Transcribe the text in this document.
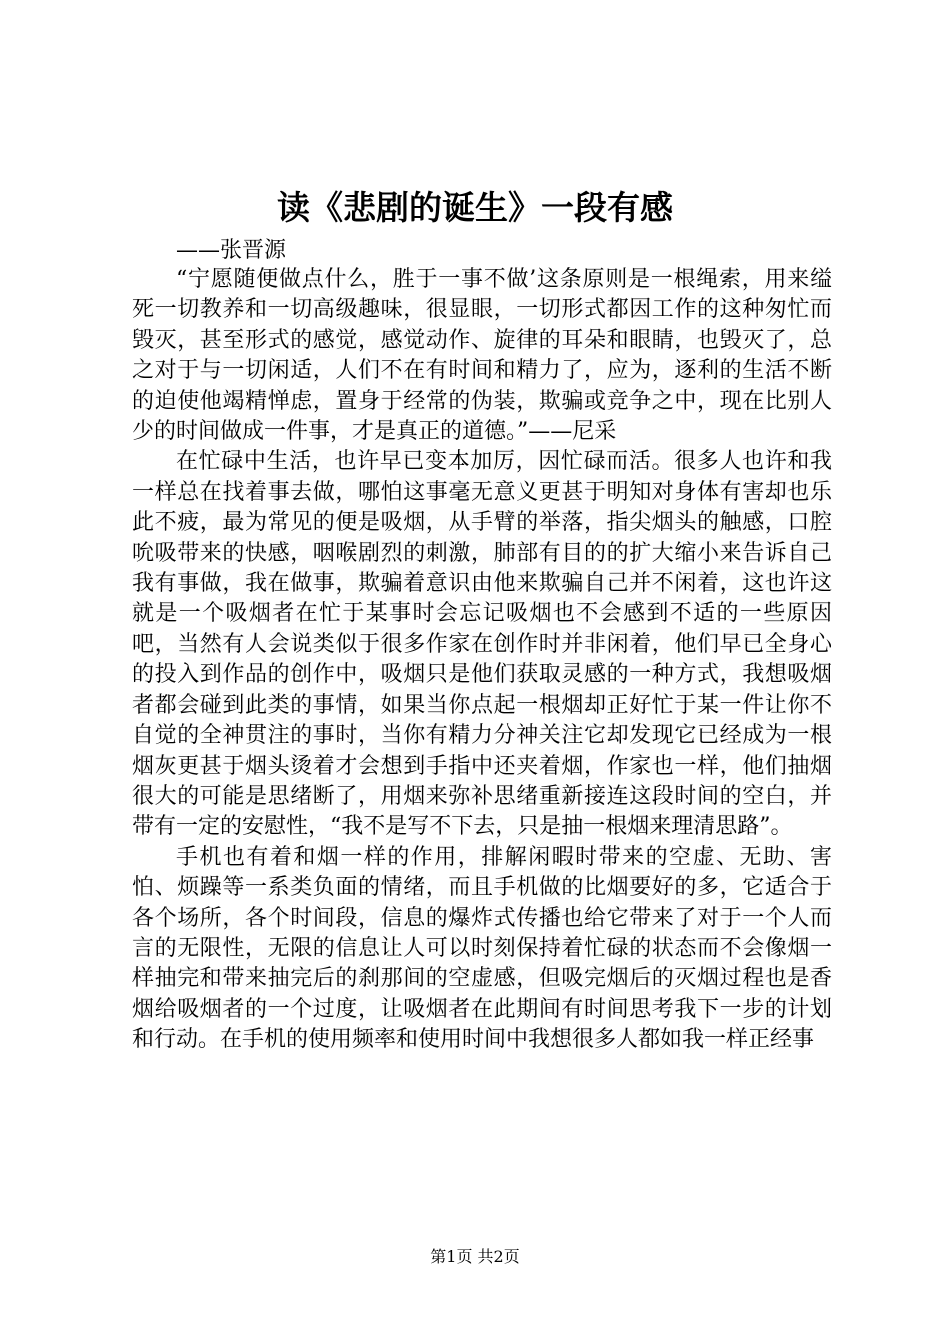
读《悲剧的诞生》一段有感
——张晋源

“宁愿随便做点什么，胜于一事不做’这条原则是一根绳索，用来缢死一切教养和一切高级趣味，很显眼，一切形式都因工作的这种匆忙而毁灭，甚至形式的感觉，感觉动作、旋律的耳朵和眼睛，也毁灭了，总之对于与一切闲适，人们不在有时间和精力了，应为，逐利的生活不断的迫使他竭精惮虑，置身于经常的伪装，欺骗或竞争之中，现在比别人少的时间做成一件事，才是真正的道德。”——尼采

在忙碌中生活，也许早已变本加厉，因忙碌而活。很多人也许和我一样总在找着事去做，哪怕这事毫无意义更甚于明知对身体有害却也乐此不疲，最为常见的便是吸烟，从手臂的举落，指尖烟头的触感，口腔吮吸带来的快感，咽喉剧烈的刺激，肺部有目的的扩大缩小来告诉自己我有事做，我在做事，欺骗着意识由他来欺骗自己并不闲着，这也许这就是一个吸烟者在忙于某事时会忘记吸烟也不会感到不适的一些原因吧，当然有人会说类似于很多作家在创作时并非闲着，他们早已全身心的投入到作品的创作中，吸烟只是他们获取灵感的一种方式，我想吸烟者都会碰到此类的事情，如果当你点起一根烟却正好忙于某一件让你不自觉的全神贯注的事时，当你有精力分神关注它却发现它已经成为一根烟灰更甚于烟头烫着才会想到手指中还夹着烟，作家也一样，他们抽烟很大的可能是思绪断了，用烟来弥补思绪重新接连这段时间的空白，并带有一定的安慰性，“我不是写不下去，只是抽一根烟来理清思路”。

手机也有着和烟一样的作用，排解闲暇时带来的空虚、无助、害怕、烦躁等一系类负面的情绪，而且手机做的比烟要好的多，它适合于各个场所，各个时间段，信息的爆炸式传播也给它带来了对于一个人而言的无限性，无限的信息让人可以时刻保持着忙碌的状态而不会像烟一样抽完和带来抽完后的刹那间的空虚感，但吸完烟后的灭烟过程也是香烟给吸烟者的一个过度，让吸烟者在此期间有时间思考我下一步的计划和行动。在手机的使用频率和使用时间中我想很多人都如我一样正经事

第1页 共2页
